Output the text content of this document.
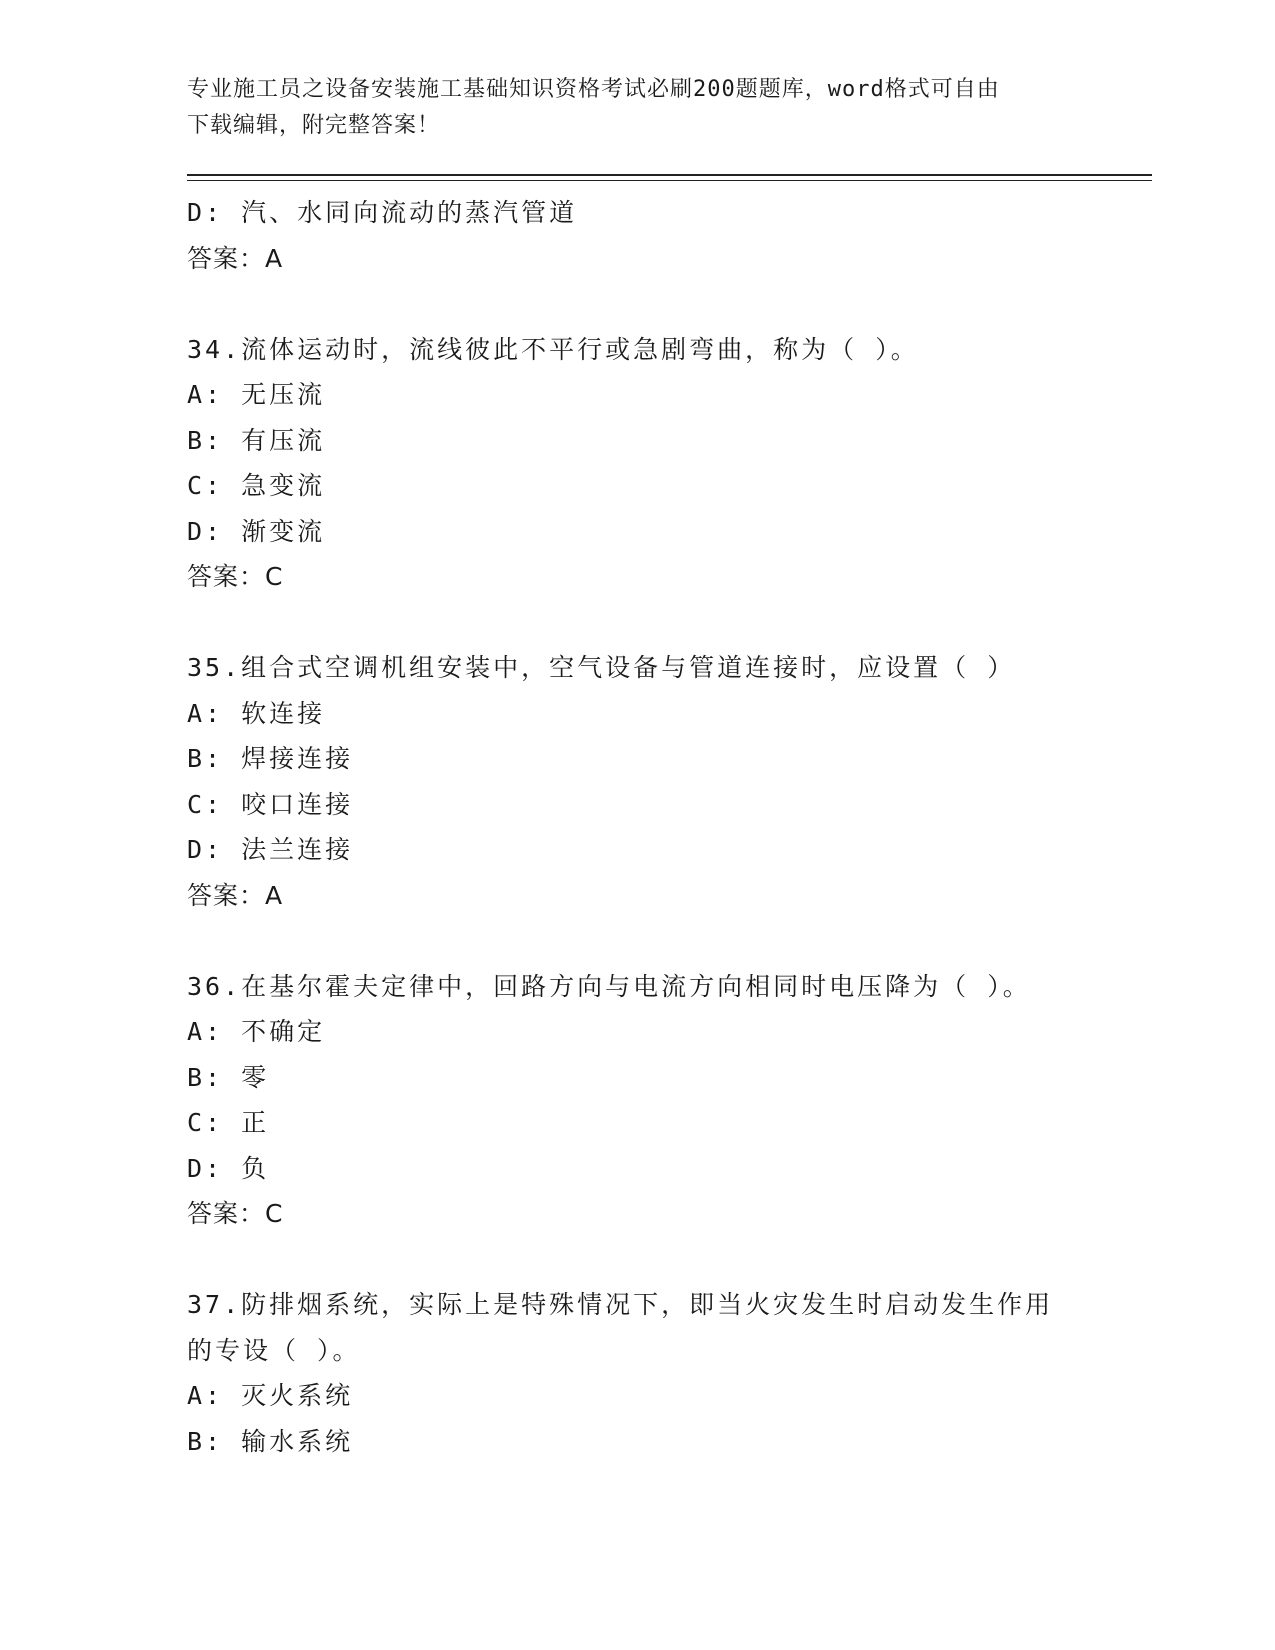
专业施工员之设备安装施工基础知识资格考试必刷200题题库，word格式可自由
下载编辑，附完整答案！
D: 汽、水同向流动的蒸汽管道
答案：A
34.流体运动时，流线彼此不平行或急剧弯曲，称为（ ）。
A: 无压流
B: 有压流
C: 急变流
D: 渐变流
答案：C
35.组合式空调机组安装中，空气设备与管道连接时，应设置（ ）
A: 软连接
B: 焊接连接
C: 咬口连接
D: 法兰连接
答案：A
36.在基尔霍夫定律中，回路方向与电流方向相同时电压降为（ ）。
A: 不确定
B: 零
C: 正
D: 负
答案：C
37.防排烟系统，实际上是特殊情况下，即当火灾发生时启动发生作用
的专设（ ）。
A: 灭火系统
B: 输水系统
